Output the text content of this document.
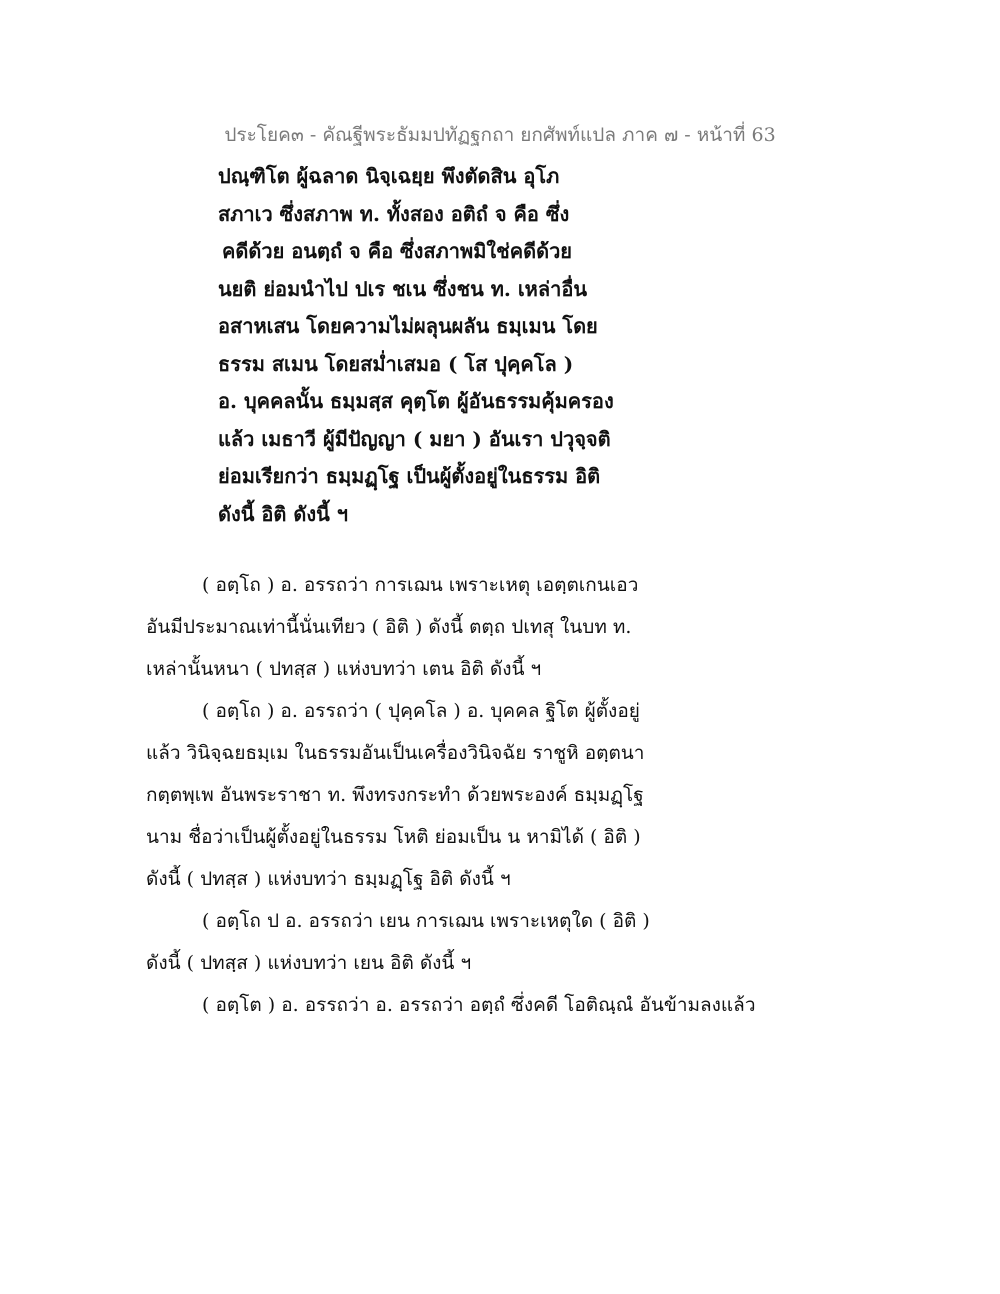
ประโยค๓ - คัณฐีพระธัมมปทัฏฐกถา ยกศัพท์แปล ภาค ๗ - หน้าที่ 63
ปณฺฑิโต ผู้ฉลาด นิจฺเฉยฺย พึงตัดสิน อุโภ
สภาเว ซึ่งสภาพ ท. ทั้งสอง อติถํ จ คือ ซึ่ง
คดีด้วย อนตฺถํ จ คือ ซึ่งสภาพมิใช่คดีด้วย
นยติ ย่อมนำไป ปเร ชเน ซึ่งชน ท. เหล่าอื่น
อสาหเสน โดยความไม่ผลุนผลัน ธมฺเมน โดย
ธรรม สเมน โดยสม่ำเสมอ ( โส ปุคฺคโล )
อ. บุคคลนั้น ธมฺมสฺส คุตฺโต ผู้อันธรรมคุ้มครอง
แล้ว เมธาวี ผู้มีปัญญา ( มยา ) อันเรา ปวุจฺจติ
ย่อมเรียกว่า ธมฺมฏฺโฐ เป็นผู้ตั้งอยู่ในธรรม อิติ
ดังนี้ อิติ ดังนี้ ฯ
( อตฺโถ ) อ. อรรถว่า การเฌน เพราะเหตุ เอตฺตเกนเอว
อันมีประมาณเท่านี้นั่นเทียว ( อิติ ) ดังนี้ ตตฺถ ปเทสุ ในบท ท.
เหล่านั้นหนา ( ปทสฺส ) แห่งบทว่า เตน อิติ ดังนี้ ฯ
( อตฺโถ ) อ. อรรถว่า ( ปุคฺคโล ) อ. บุคคล ฐิโต ผู้ตั้งอยู่
แล้ว วินิจฺฉยธมฺเม ในธรรมอันเป็นเครื่องวินิจฉัย ราชูหิ อตฺตนา
กตฺตพฺเพ อันพระราชา ท. พึงทรงกระทำ ด้วยพระองค์ ธมฺมฏฺโฐ
นาม ชื่อว่าเป็นผู้ตั้งอยู่ในธรรม โหติ ย่อมเป็น น หามิได้ ( อิติ )
ดังนี้ ( ปทสฺส ) แห่งบทว่า ธมฺมฏฺโฐ อิติ ดังนี้ ฯ
( อตฺโถ ป อ. อรรถว่า เยน การเฌน เพราะเหตุใด ( อิติ )
ดังนี้ ( ปทสฺส ) แห่งบทว่า เยน อิติ ดังนี้ ฯ
( อตฺโต ) อ. อรรถว่า อ. อรรถว่า อตฺถํ ซึ่งคดี โอติณฺณํ อันข้ามลงแล้ว
